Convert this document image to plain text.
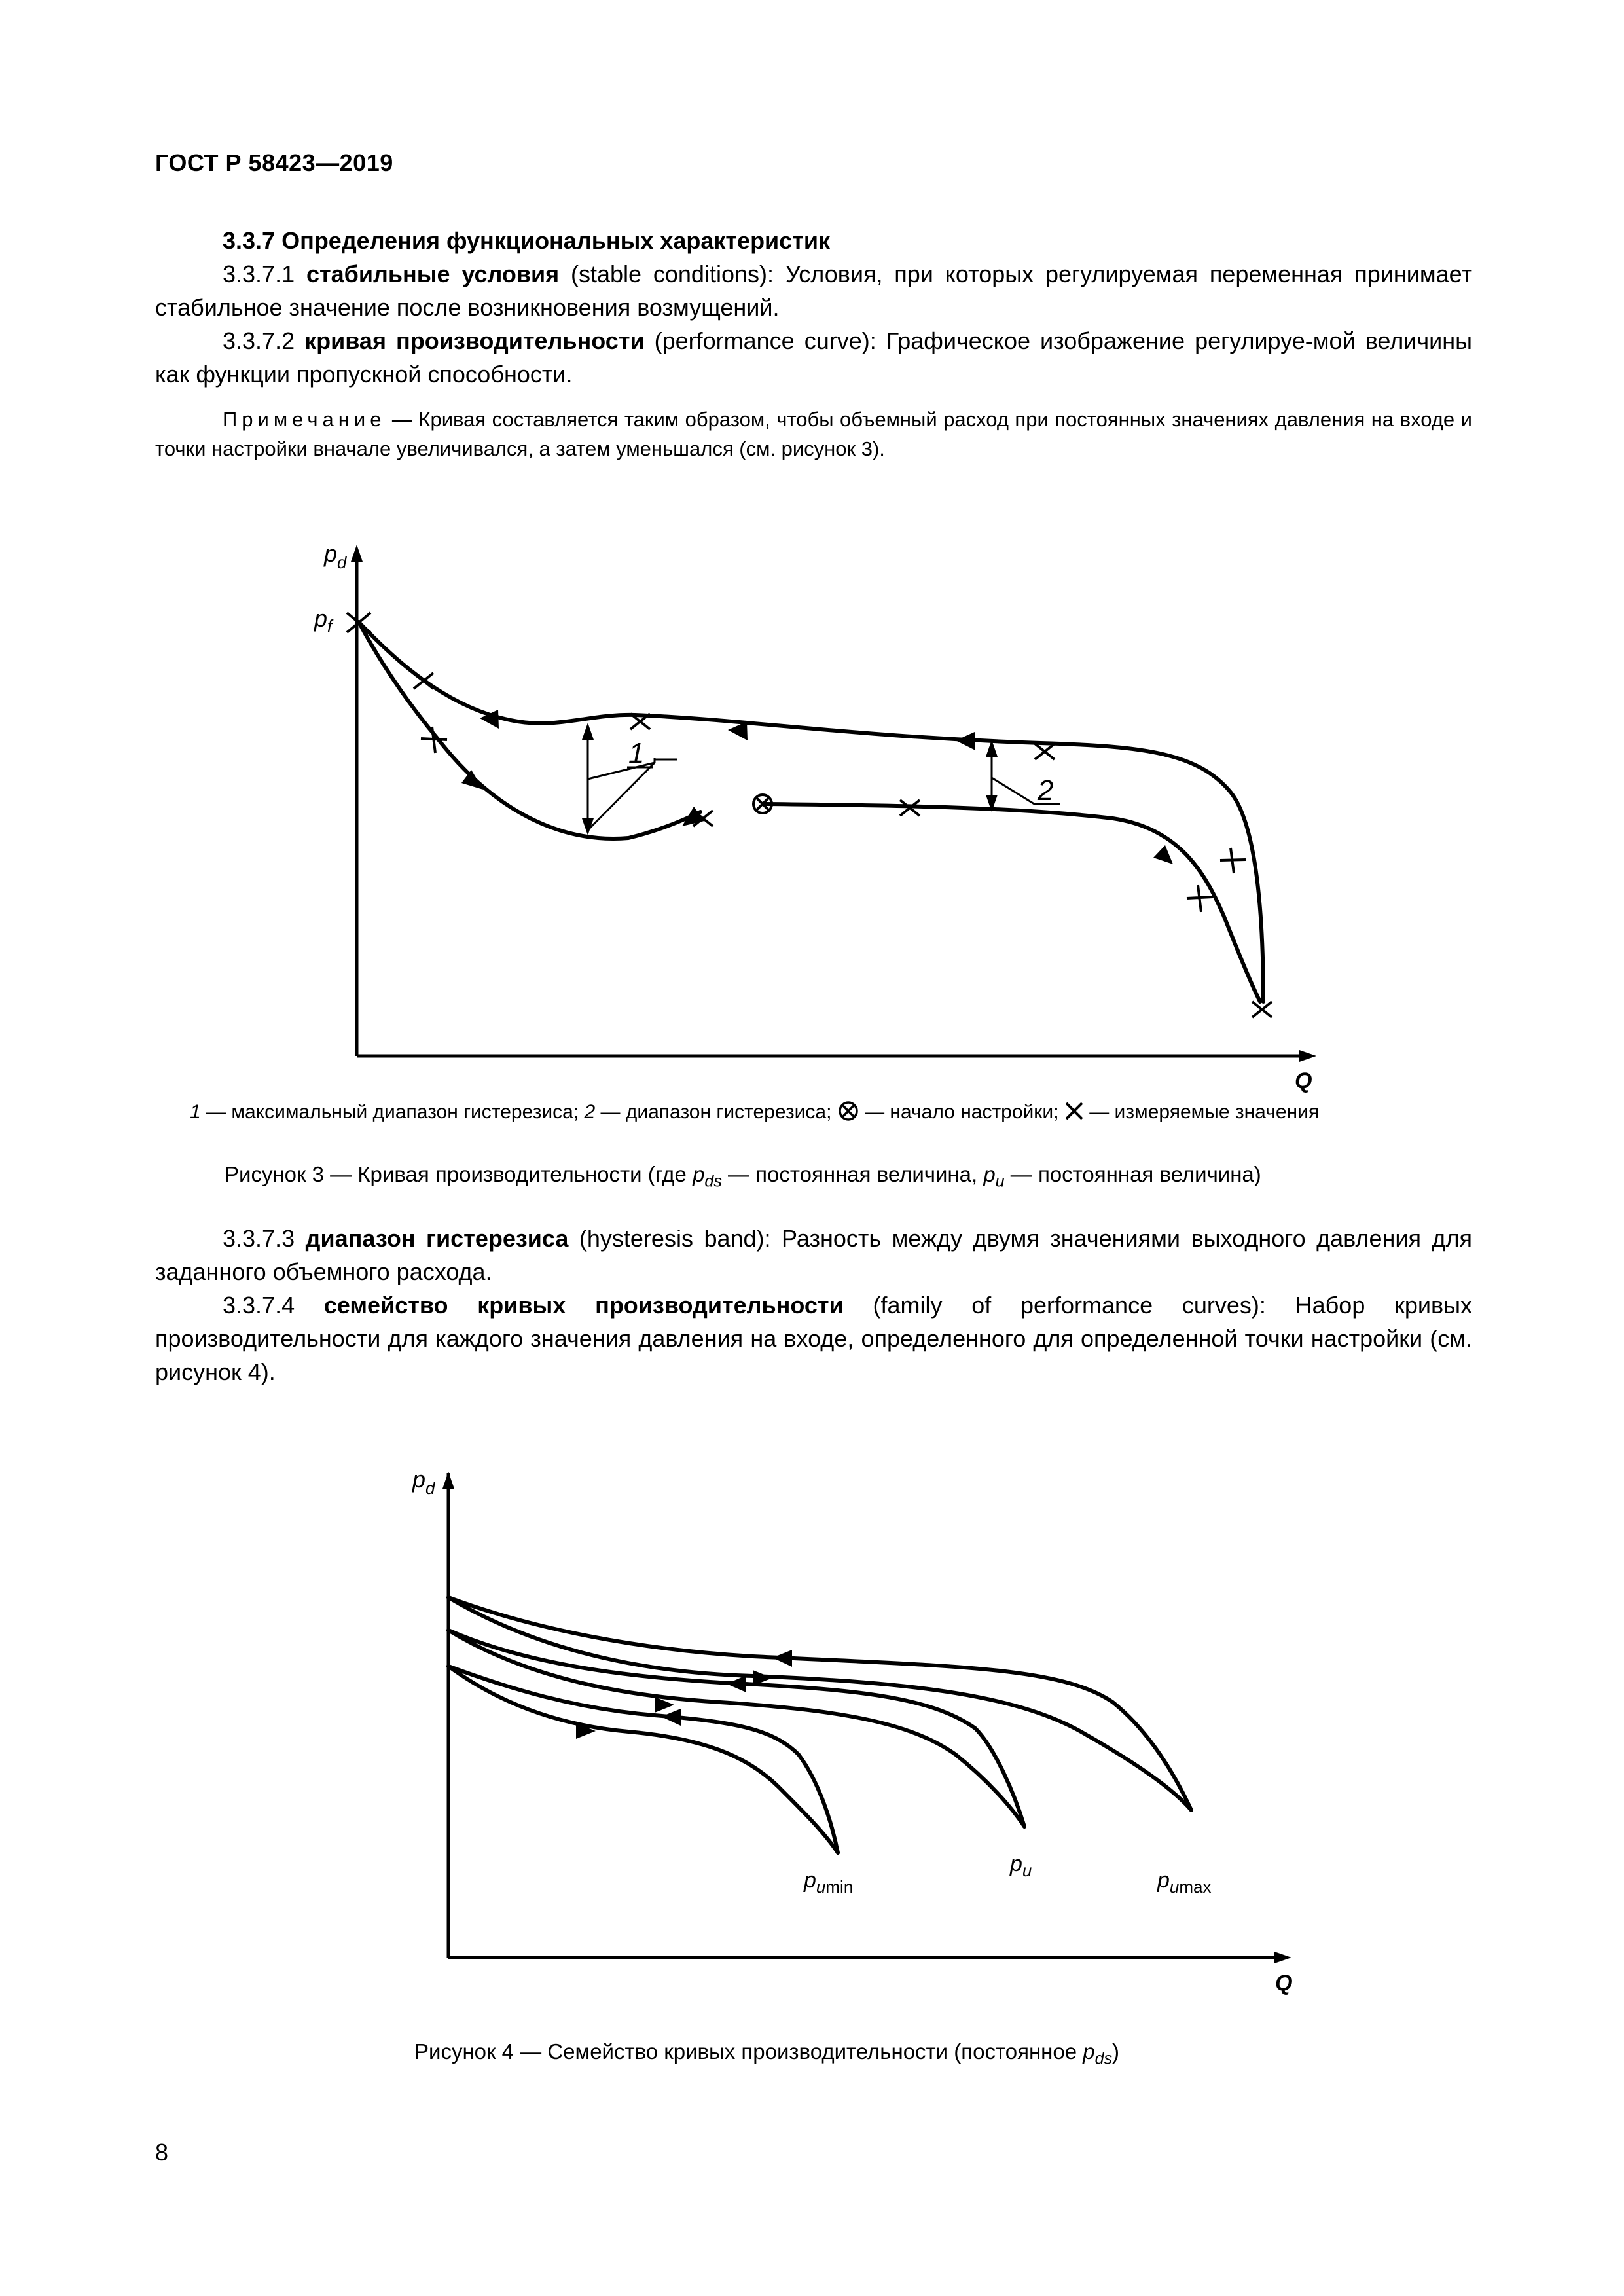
ГОСТ Р 58423—2019
3.3.7 Определения функциональных характеристик
3.3.7.1 стабильные условия (stable conditions): Условия, при которых регулируемая переменная принимает стабильное значение после возникновения возмущений.
3.3.7.2 кривая производительности (performance curve): Графическое изображение регулируе-мой величины как функции пропускной способности.
Примечание — Кривая составляется таким образом, чтобы объемный расход при постоянных значениях давления на входе и точки настройки вначале увеличивался, а затем уменьшался (см. рисунок 3).
$p_d$
Q
$p_f$
1
2
1 — максимальный диапазон гистерезиса; 2 — диапазон гистерезиса;  — начало настройки;  — измеряемые значения
Рисунок 3 — Кривая производительности (где $p_{ds}$ — постоянная величина, $p_u$ — постоянная величина)
3.3.7.3 диапазон гистерезиса (hysteresis band): Разность между двумя значениями выходного давления для заданного объемного расхода.
3.3.7.4 семейство кривых производительности (family of performance curves): Набор кривых производительности для каждого значения давления на входе, определенного для определенной точки настройки (см. рисунок 4).
$p_d$
Q
$p_u\min$
$p_u$	$p_u\max$
Рисунок 4 — Семейство кривых производительности (постоянное $p_{ds}$)
8
